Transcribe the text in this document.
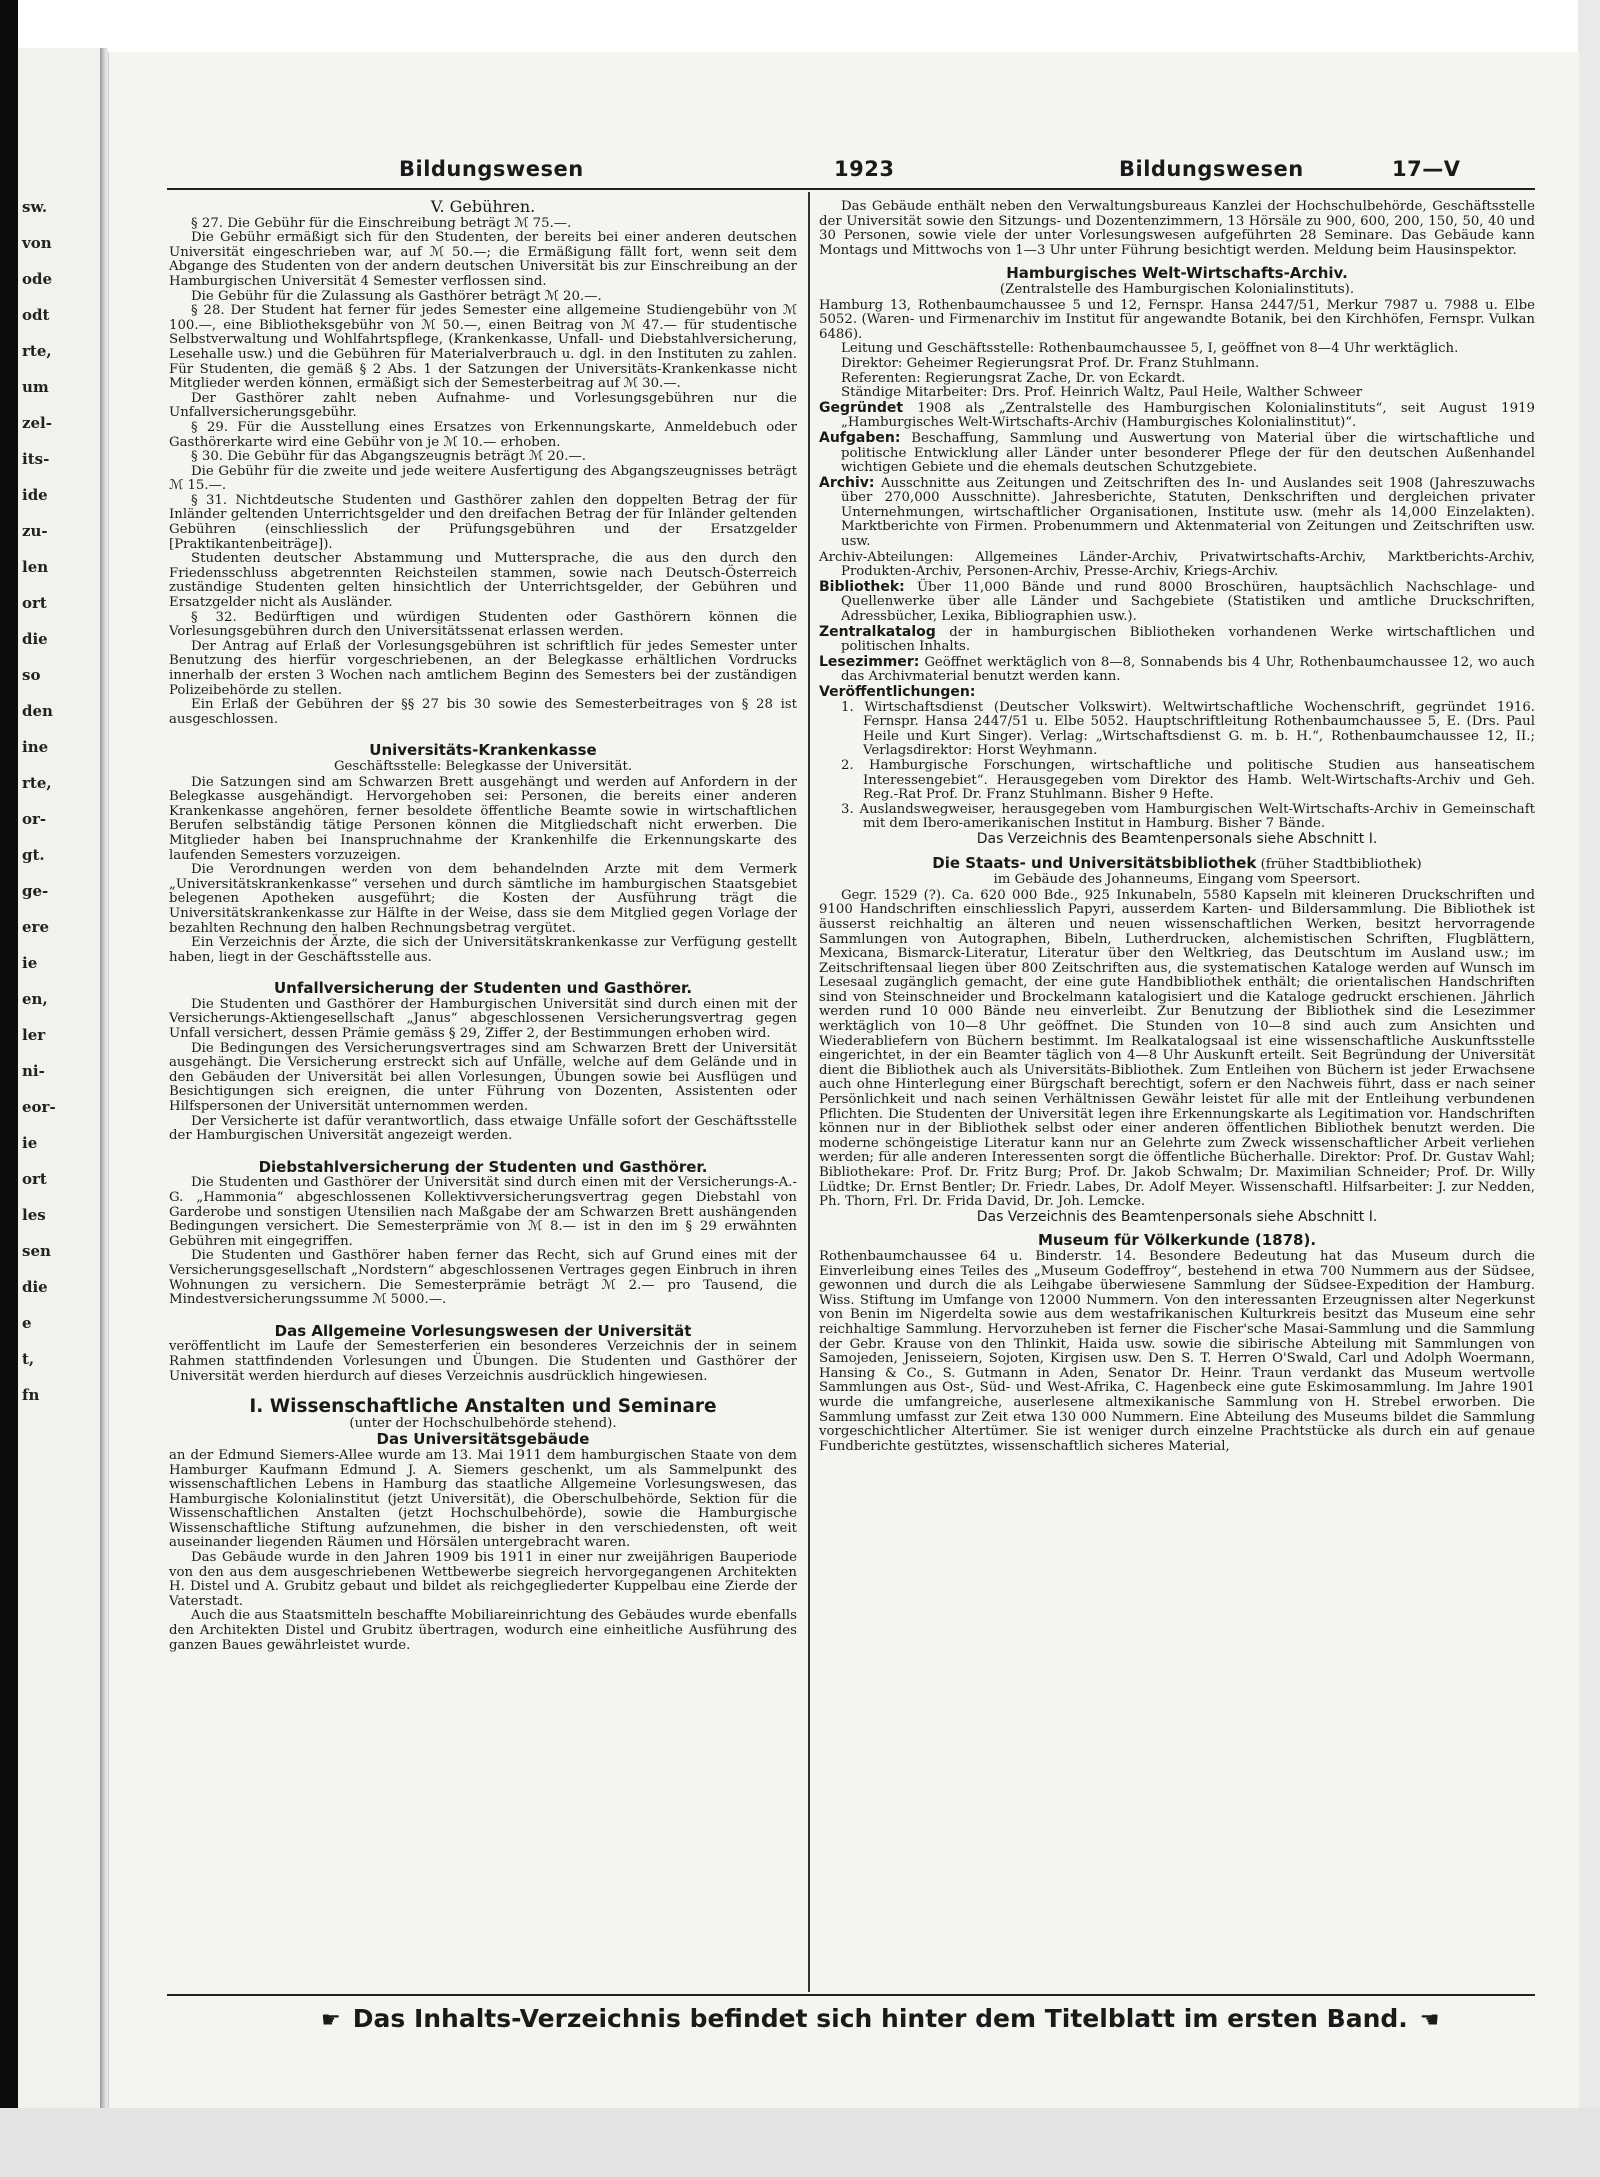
sw.
von
ode
odt
rte,
um
zel-
its-
ide
zu-
len
ort
die
so
den
ine
rte,
or-
gt.
ge-
ere
ie
en,
ler
ni-
eor-
ie
ort
les
sen
die
e
t,
fn
Bildungswesen	1923	Bildungswesen	17—V

V. Gebühren.

§ 27. Die Gebühr für die Einschreibung beträgt ℳ 75.—.

Die Gebühr ermäßigt sich für den Studenten, der bereits bei einer anderen deutschen Universität eingeschrieben war, auf ℳ 50.—; die Ermäßigung fällt fort, wenn seit dem Abgange des Studenten von der andern deutschen Universität bis zur Einschreibung an der Hamburgischen Universität 4 Semester verflossen sind.

Die Gebühr für die Zulassung als Gasthörer beträgt ℳ 20.—.

§ 28. Der Student hat ferner für jedes Semester eine allgemeine Studiengebühr von ℳ 100.—, eine Bibliotheksgebühr von ℳ 50.—, einen Beitrag von ℳ 47.— für studentische Selbstverwaltung und Wohlfahrtspflege, (Krankenkasse, Unfall- und Diebstahlversicherung, Lesehalle usw.) und die Gebühren für Materialverbrauch u. dgl. in den Instituten zu zahlen. Für Studenten, die gemäß § 2 Abs. 1 der Satzungen der Universitäts-Krankenkasse nicht Mitglieder werden können, ermäßigt sich der Semesterbeitrag auf ℳ 30.—.

Der Gasthörer zahlt neben Aufnahme- und Vorlesungsgebühren nur die Unfallversicherungsgebühr.

§ 29. Für die Ausstellung eines Ersatzes von Erkennungskarte, Anmeldebuch oder Gasthörerkarte wird eine Gebühr von je ℳ 10.— erhoben.

§ 30. Die Gebühr für das Abgangszeugnis beträgt ℳ 20.—.

Die Gebühr für die zweite und jede weitere Ausfertigung des Abgangszeugnisses beträgt ℳ 15.—.

§ 31. Nichtdeutsche Studenten und Gasthörer zahlen den doppelten Betrag der für Inländer geltenden Unterrichtsgelder und den dreifachen Betrag der für Inländer geltenden Gebühren (einschliesslich der Prüfungsgebühren und der Ersatzgelder [Praktikantenbeiträge]).

Studenten deutscher Abstammung und Muttersprache, die aus den durch den Friedensschluss abgetrennten Reichsteilen stammen, sowie nach Deutsch-Österreich zuständige Studenten gelten hinsichtlich der Unterrichtsgelder, der Gebühren und Ersatzgelder nicht als Ausländer.

§ 32. Bedürftigen und würdigen Studenten oder Gasthörern können die Vorlesungsgebühren durch den Universitätssenat erlassen werden.

Der Antrag auf Erlaß der Vorlesungsgebühren ist schriftlich für jedes Semester unter Benutzung des hierfür vorgeschriebenen, an der Belegkasse erhältlichen Vordrucks innerhalb der ersten 3 Wochen nach amtlichem Beginn des Semesters bei der zuständigen Polizeibehörde zu stellen.

Ein Erlaß der Gebühren der §§ 27 bis 30 sowie des Semesterbeitrages von § 28 ist ausgeschlossen.

Universitäts-Krankenkasse

Geschäftsstelle: Belegkasse der Universität.

Die Satzungen sind am Schwarzen Brett ausgehängt und werden auf Anfordern in der Belegkasse ausgehändigt. Hervorgehoben sei: Personen, die bereits einer anderen Krankenkasse angehören, ferner besoldete öffentliche Beamte sowie in wirtschaftlichen Berufen selbständig tätige Personen können die Mitgliedschaft nicht erwerben. Die Mitglieder haben bei Inanspruchnahme der Krankenhilfe die Erkennungskarte des laufenden Semesters vorzuzeigen.

Die Verordnungen werden von dem behandelnden Arzte mit dem Vermerk „Universitätskrankenkasse“ versehen und durch sämtliche im hamburgischen Staatsgebiet belegenen Apotheken ausgeführt; die Kosten der Ausführung trägt die Universitätskrankenkasse zur Hälfte in der Weise, dass sie dem Mitglied gegen Vorlage der bezahlten Rechnung den halben Rechnungsbetrag vergütet.

Ein Verzeichnis der Ärzte, die sich der Universitätskrankenkasse zur Verfügung gestellt haben, liegt in der Geschäftsstelle aus.

Unfallversicherung der Studenten und Gasthörer.

Die Studenten und Gasthörer der Hamburgischen Universität sind durch einen mit der Versicherungs-Aktiengesellschaft „Janus“ abgeschlossenen Versicherungsvertrag gegen Unfall versichert, dessen Prämie gemäss § 29, Ziffer 2, der Bestimmungen erhoben wird.

Die Bedingungen des Versicherungsvertrages sind am Schwarzen Brett der Universität ausgehängt. Die Versicherung erstreckt sich auf Unfälle, welche auf dem Gelände und in den Gebäuden der Universität bei allen Vorlesungen, Übungen sowie bei Ausflügen und Besichtigungen sich ereignen, die unter Führung von Dozenten, Assistenten oder Hilfspersonen der Universität unternommen werden.

Der Versicherte ist dafür verantwortlich, dass etwaige Unfälle sofort der Geschäftsstelle der Hamburgischen Universität angezeigt werden.

Diebstahlversicherung der Studenten und Gasthörer.

Die Studenten und Gasthörer der Universität sind durch einen mit der Versicherungs-A.-G. „Hammonia“ abgeschlossenen Kollektivversicherungsvertrag gegen Diebstahl von Garderobe und sonstigen Utensilien nach Maßgabe der am Schwarzen Brett aushängenden Bedingungen versichert. Die Semesterprämie von ℳ 8.— ist in den im § 29 erwähnten Gebühren mit eingegriffen.

Die Studenten und Gasthörer haben ferner das Recht, sich auf Grund eines mit der Versicherungsgesellschaft „Nordstern“ abgeschlossenen Vertrages gegen Einbruch in ihren Wohnungen zu versichern. Die Semesterprämie beträgt ℳ 2.— pro Tausend, die Mindestversicherungssumme ℳ 5000.—.

Das Allgemeine Vorlesungswesen der Universität

veröffentlicht im Laufe der Semesterferien ein besonderes Verzeichnis der in seinem Rahmen stattfindenden Vorlesungen und Übungen. Die Studenten und Gasthörer der Universität werden hierdurch auf dieses Verzeichnis ausdrücklich hingewiesen.

I. Wissenschaftliche Anstalten und Seminare

(unter der Hochschulbehörde stehend).

Das Universitätsgebäude

an der Edmund Siemers-Allee wurde am 13. Mai 1911 dem hamburgischen Staate von dem Hamburger Kaufmann Edmund J. A. Siemers geschenkt, um als Sammelpunkt des wissenschaftlichen Lebens in Hamburg das staatliche Allgemeine Vorlesungswesen, das Hamburgische Kolonialinstitut (jetzt Universität), die Oberschulbehörde, Sektion für die Wissenschaftlichen Anstalten (jetzt Hochschulbehörde), sowie die Hamburgische Wissenschaftliche Stiftung aufzunehmen, die bisher in den verschiedensten, oft weit auseinander liegenden Räumen und Hörsälen untergebracht waren.

Das Gebäude wurde in den Jahren 1909 bis 1911 in einer nur zweijährigen Bauperiode von den aus dem ausgeschriebenen Wettbewerbe siegreich hervorgegangenen Architekten H. Distel und A. Grubitz gebaut und bildet als reichgegliederter Kuppelbau eine Zierde der Vaterstadt.

Auch die aus Staatsmitteln beschaffte Mobiliareinrichtung des Gebäudes wurde ebenfalls den Architekten Distel und Grubitz übertragen, wodurch eine einheitliche Ausführung des ganzen Baues gewährleistet wurde.

Das Gebäude enthält neben den Verwaltungsbureaus Kanzlei der Hochschulbehörde, Geschäftsstelle der Universität sowie den Sitzungs- und Dozentenzimmern, 13 Hörsäle zu 900, 600, 200, 150, 50, 40 und 30 Personen, sowie viele der unter Vorlesungswesen aufgeführten 28 Seminare. Das Gebäude kann Montags und Mittwochs von 1—3 Uhr unter Führung besichtigt werden. Meldung beim Hausinspektor.

Hamburgisches Welt-Wirtschafts-Archiv.

(Zentralstelle des Hamburgischen Kolonialinstituts).

Hamburg 13, Rothenbaumchaussee 5 und 12, Fernspr. Hansa 2447/51, Merkur 7987 u. 7988 u. Elbe 5052. (Waren- und Firmenarchiv im Institut für angewandte Botanik, bei den Kirchhöfen, Fernspr. Vulkan 6486).

Leitung und Geschäftsstelle: Rothenbaumchaussee 5, I, geöffnet von 8—4 Uhr werktäglich.

Direktor: Geheimer Regierungsrat Prof. Dr. Franz Stuhlmann.

Referenten: Regierungsrat Zache, Dr. von Eckardt.

Ständige Mitarbeiter: Drs. Prof. Heinrich Waltz, Paul Heile, Walther Schweer

Gegründet 1908 als „Zentralstelle des Hamburgischen Kolonialinstituts“, seit August 1919 „Hamburgisches Welt-Wirtschafts-Archiv (Hamburgisches Kolonialinstitut)“.

Aufgaben: Beschaffung, Sammlung und Auswertung von Material über die wirtschaftliche und politische Entwicklung aller Länder unter besonderer Pflege der für den deutschen Außenhandel wichtigen Gebiete und die ehemals deutschen Schutzgebiete.

Archiv: Ausschnitte aus Zeitungen und Zeitschriften des In- und Auslandes seit 1908 (Jahreszuwachs über 270,000 Ausschnitte). Jahresberichte, Statuten, Denkschriften und dergleichen privater Unternehmungen, wirtschaftlicher Organisationen, Institute usw. (mehr als 14,000 Einzelakten). Marktberichte von Firmen. Probenummern und Aktenmaterial von Zeitungen und Zeitschriften usw. usw.

Archiv-Abteilungen: Allgemeines Länder-Archiv, Privatwirtschafts-Archiv, Marktberichts-Archiv, Produkten-Archiv, Personen-Archiv, Presse-Archiv, Kriegs-Archiv.

Bibliothek: Über 11,000 Bände und rund 8000 Broschüren, hauptsächlich Nachschlage- und Quellenwerke über alle Länder und Sachgebiete (Statistiken und amtliche Druckschriften, Adressbücher, Lexika, Bibliographien usw.).

Zentralkatalog der in hamburgischen Bibliotheken vorhandenen Werke wirtschaftlichen und politischen Inhalts.

Lesezimmer: Geöffnet werktäglich von 8—8, Sonnabends bis 4 Uhr, Rothenbaumchaussee 12, wo auch das Archivmaterial benutzt werden kann.

Veröffentlichungen:

1. Wirtschaftsdienst (Deutscher Volkswirt). Weltwirtschaftliche Wochenschrift, gegründet 1916. Fernspr. Hansa 2447/51 u. Elbe 5052. Hauptschriftleitung Rothenbaumchaussee 5, E. (Drs. Paul Heile und Kurt Singer). Verlag: „Wirtschaftsdienst G. m. b. H.“, Rothenbaumchaussee 12, II.; Verlagsdirektor: Horst Weyhmann.

2. Hamburgische Forschungen, wirtschaftliche und politische Studien aus hanseatischem Interessengebiet“. Herausgegeben vom Direktor des Hamb. Welt-Wirtschafts-Archiv und Geh. Reg.-Rat Prof. Dr. Franz Stuhlmann. Bisher 9 Hefte.

3. Auslandswegweiser, herausgegeben vom Hamburgischen Welt-Wirtschafts-Archiv in Gemeinschaft mit dem Ibero-amerikanischen Institut in Hamburg. Bisher 7 Bände.

Das Verzeichnis des Beamtenpersonals siehe Abschnitt I.

Die Staats- und Universitätsbibliothek (früher Stadtbibliothek)

im Gebäude des Johanneums, Eingang vom Speersort.

Gegr. 1529 (?). Ca. 620 000 Bde., 925 Inkunabeln, 5580 Kapseln mit kleineren Druckschriften und 9100 Handschriften einschliesslich Papyri, ausserdem Karten- und Bildersammlung. Die Bibliothek ist äusserst reichhaltig an älteren und neuen wissenschaftlichen Werken, besitzt hervorragende Sammlungen von Autographen, Bibeln, Lutherdrucken, alchemistischen Schriften, Flugblättern, Mexicana, Bismarck-Literatur, Literatur über den Weltkrieg, das Deutschtum im Ausland usw.; im Zeitschriftensaal liegen über 800 Zeitschriften aus, die systematischen Kataloge werden auf Wunsch im Lesesaal zugänglich gemacht, der eine gute Handbibliothek enthält; die orientalischen Handschriften sind von Steinschneider und Brockelmann katalogisiert und die Kataloge gedruckt erschienen. Jährlich werden rund 10 000 Bände neu einverleibt. Zur Benutzung der Bibliothek sind die Lesezimmer werktäglich von 10—8 Uhr geöffnet. Die Stunden von 10—8 sind auch zum Ansichten und Wiederabliefern von Büchern bestimmt. Im Realkatalogsaal ist eine wissenschaftliche Auskunftsstelle eingerichtet, in der ein Beamter täglich von 4—8 Uhr Auskunft erteilt. Seit Begründung der Universität dient die Bibliothek auch als Universitäts-Bibliothek. Zum Entleihen von Büchern ist jeder Erwachsene auch ohne Hinterlegung einer Bürgschaft berechtigt, sofern er den Nachweis führt, dass er nach seiner Persönlichkeit und nach seinen Verhältnissen Gewähr leistet für alle mit der Entleihung verbundenen Pflichten. Die Studenten der Universität legen ihre Erkennungskarte als Legitimation vor. Handschriften können nur in der Bibliothek selbst oder einer anderen öffentlichen Bibliothek benutzt werden. Die moderne schöngeistige Literatur kann nur an Gelehrte zum Zweck wissenschaftlicher Arbeit verliehen werden; für alle anderen Interessenten sorgt die öffentliche Bücherhalle. Direktor: Prof. Dr. Gustav Wahl; Bibliothekare: Prof. Dr. Fritz Burg; Prof. Dr. Jakob Schwalm; Dr. Maximilian Schneider; Prof. Dr. Willy Lüdtke; Dr. Ernst Bentler; Dr. Friedr. Labes, Dr. Adolf Meyer. Wissenschaftl. Hilfsarbeiter: J. zur Nedden, Ph. Thorn, Frl. Dr. Frida David, Dr. Joh. Lemcke.

Das Verzeichnis des Beamtenpersonals siehe Abschnitt I.

Museum für Völkerkunde (1878).

Rothenbaumchaussee 64 u. Binderstr. 14. Besondere Bedeutung hat das Museum durch die Einverleibung eines Teiles des „Museum Godeffroy“, bestehend in etwa 700 Nummern aus der Südsee, gewonnen und durch die als Leihgabe überwiesene Sammlung der Südsee-Expedition der Hamburg. Wiss. Stiftung im Umfange von 12000 Nummern. Von den interessanten Erzeugnissen alter Negerkunst von Benin im Nigerdelta sowie aus dem westafrikanischen Kulturkreis besitzt das Museum eine sehr reichhaltige Sammlung. Hervorzuheben ist ferner die Fischer'sche Masai-Sammlung und die Sammlung der Gebr. Krause von den Thlinkit, Haida usw. sowie die sibirische Abteilung mit Sammlungen von Samojeden, Jenisseiern, Sojoten, Kirgisen usw. Den S. T. Herren O'Swald, Carl und Adolph Woermann, Hansing & Co., S. Gutmann in Aden, Senator Dr. Heinr. Traun verdankt das Museum wertvolle Sammlungen aus Ost-, Süd- und West-Afrika, C. Hagenbeck eine gute Eskimosammlung. Im Jahre 1901 wurde die umfangreiche, auserlesene altmexikanische Sammlung von H. Strebel erworben. Die Sammlung umfasst zur Zeit etwa 130 000 Nummern. Eine Abteilung des Museums bildet die Sammlung vorgeschichtlicher Altertümer. Sie ist weniger durch einzelne Prachtstücke als durch ein auf genaue Fundberichte gestütztes, wissenschaftlich sicheres Material,

☛ Das Inhalts-Verzeichnis befindet sich hinter dem Titelblatt im ersten Band. ☚
